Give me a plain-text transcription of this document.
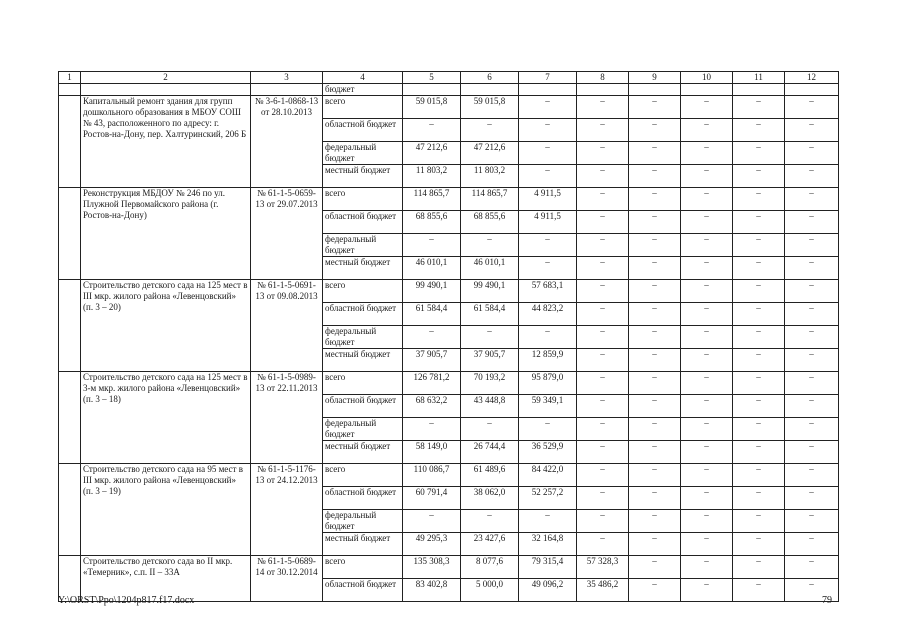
1	2	3	4	5	6	7	8	9	10	11	12
			бюджет								
	Капитальный ремонт здания для групп дошкольного образования в МБОУ СОШ № 43, расположенного по адресу: г. Ростов-на-Дону, пер. Халтуринский, 206 Б	№ 3-6-1-0868-13 от 28.10.2013	всего	59 015,8	59 015,8	–	–	–	–	–	–
			областной бюджет	–	–	–	–	–	–	–	–
			федеральный бюджет	47 212,6	47 212,6	–	–	–	–	–	–
			местный бюджет	11 803,2	11 803,2	–	–	–	–	–	–
	Реконструкция МБДОУ № 246 по ул. Плужной Первомайского района (г. Ростов-на-Дону)	№ 61-1-5-0659-13 от 29.07.2013	всего	114 865,7	114 865,7	4 911,5	–	–	–	–	–
			областной бюджет	68 855,6	68 855,6	4 911,5	–	–	–	–	–
			федеральный бюджет	–	–	–	–	–	–	–	–
			местный бюджет	46 010,1	46 010,1	–	–	–	–	–	–
	Строительство детского сада на 125 мест в III мкр. жилого района «Левенцовский» (п. 3 – 20)	№ 61-1-5-0691-13 от 09.08.2013	всего	99 490,1	99 490,1	57 683,1	–	–	–	–	–
			областной бюджет	61 584,4	61 584,4	44 823,2	–	–	–	–	–
			федеральный бюджет	–	–	–	–	–	–	–	–
			местный бюджет	37 905,7	37 905,7	12 859,9	–	–	–	–	–
	Строительство детского сада на 125 мест в 3-м мкр. жилого района «Левенцовский» (п. 3 – 18)	№ 61-1-5-0989-13 от 22.11.2013	всего	126 781,2	70 193,2	95 879,0	–	–	–	–	–
			областной бюджет	68 632,2	43 448,8	59 349,1	–	–	–	–	–
			федеральный бюджет	–	–	–	–	–	–	–	–
			местный бюджет	58 149,0	26 744,4	36 529,9	–	–	–	–	–
	Строительство детского сада на 95 мест в III мкр. жилого района «Левенцовский» (п. 3 – 19)	№ 61-1-5-1176-13 от 24.12.2013	всего	110 086,7	61 489,6	84 422,0	–	–	–	–	–
			областной бюджет	60 791,4	38 062,0	52 257,2	–	–	–	–	–
			федеральный бюджет	–	–	–	–	–	–	–	–
			местный бюджет	49 295,3	23 427,6	32 164,8	–	–	–	–	–
	Строительство детского сада во II мкр. «Темерник», с.п. II – 33А	№ 61-1-5-0689-14 от 30.12.2014	всего	135 308,3	8 077,6	79 315,4	57 328,3	–	–	–	–
			областной бюджет	83 402,8	5 000,0	49 096,2	35 486,2	–	–	–	–
Y:\ORST\Ppo\1204p817.f17.docx	79
